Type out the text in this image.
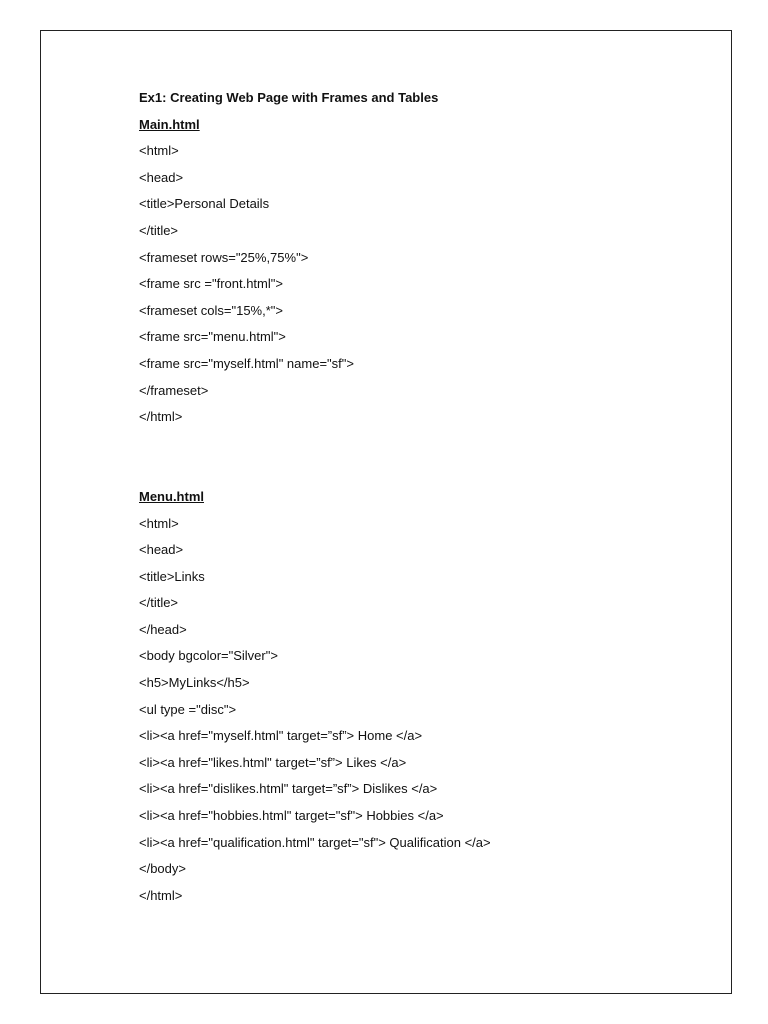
Ex1: Creating Web Page with Frames and Tables
Main.html
<html>
<head>
<title>Personal Details
</title>
<frameset rows="25%,75%">
<frame src ="front.html">
<frameset cols="15%,*">
<frame src="menu.html">
<frame src="myself.html" name="sf">
</frameset>
</html>
Menu.html
<html>
<head>
<title>Links
</title>
</head>
<body bgcolor="Silver">
<h5>MyLinks</h5>
<ul type ="disc">
<li><a href="myself.html" target=”sf”> Home </a>
<li><a href="likes.html" target=”sf”> Likes </a>
<li><a href="dislikes.html" target=”sf”> Dislikes </a>
<li><a href="hobbies.html" target="sf"> Hobbies </a>
<li><a href="qualification.html" target="sf"> Qualification </a>
</body>
</html>
